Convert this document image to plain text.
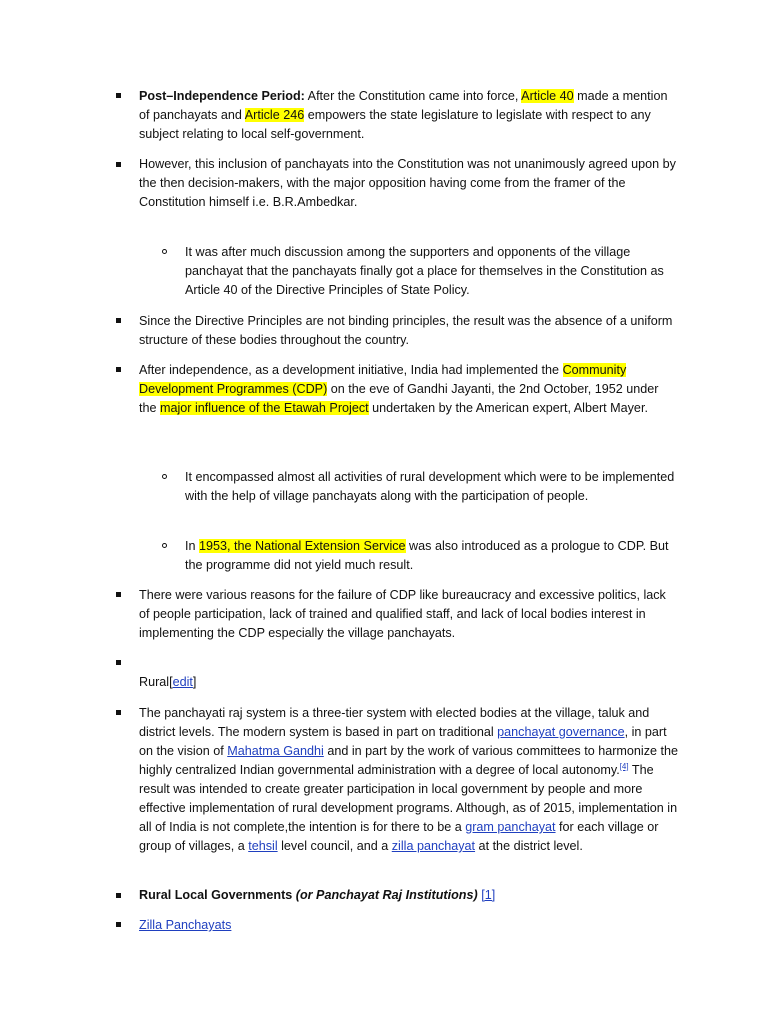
Post–Independence Period: After the Constitution came into force, Article 40 made a mention of panchayats and Article 246 empowers the state legislature to legislate with respect to any subject relating to local self-government.
However, this inclusion of panchayats into the Constitution was not unanimously agreed upon by the then decision-makers, with the major opposition having come from the framer of the Constitution himself i.e. B.R.Ambedkar.
It was after much discussion among the supporters and opponents of the village panchayat that the panchayats finally got a place for themselves in the Constitution as Article 40 of the Directive Principles of State Policy.
Since the Directive Principles are not binding principles, the result was the absence of a uniform structure of these bodies throughout the country.
After independence, as a development initiative, India had implemented the Community Development Programmes (CDP) on the eve of Gandhi Jayanti, the 2nd October, 1952 under the major influence of the Etawah Project undertaken by the American expert, Albert Mayer.
It encompassed almost all activities of rural development which were to be implemented with the help of village panchayats along with the participation of people.
In 1953, the National Extension Service was also introduced as a prologue to CDP. But the programme did not yield much result.
There were various reasons for the failure of CDP like bureaucracy and excessive politics, lack of people participation, lack of trained and qualified staff, and lack of local bodies interest in implementing the CDP especially the village panchayats.
Rural[edit]
The panchayati raj system is a three-tier system with elected bodies at the village, taluk and district levels. The modern system is based in part on traditional panchayat governance, in part on the vision of Mahatma Gandhi and in part by the work of various committees to harmonize the highly centralized Indian governmental administration with a degree of local autonomy.[4] The result was intended to create greater participation in local government by people and more effective implementation of rural development programs. Although, as of 2015, implementation in all of India is not complete,the intention is for there to be a gram panchayat for each village or group of villages, a tehsil level council, and a zilla panchayat at the district level.
Rural Local Governments (or Panchayat Raj Institutions) [1]
Zilla Panchayats
